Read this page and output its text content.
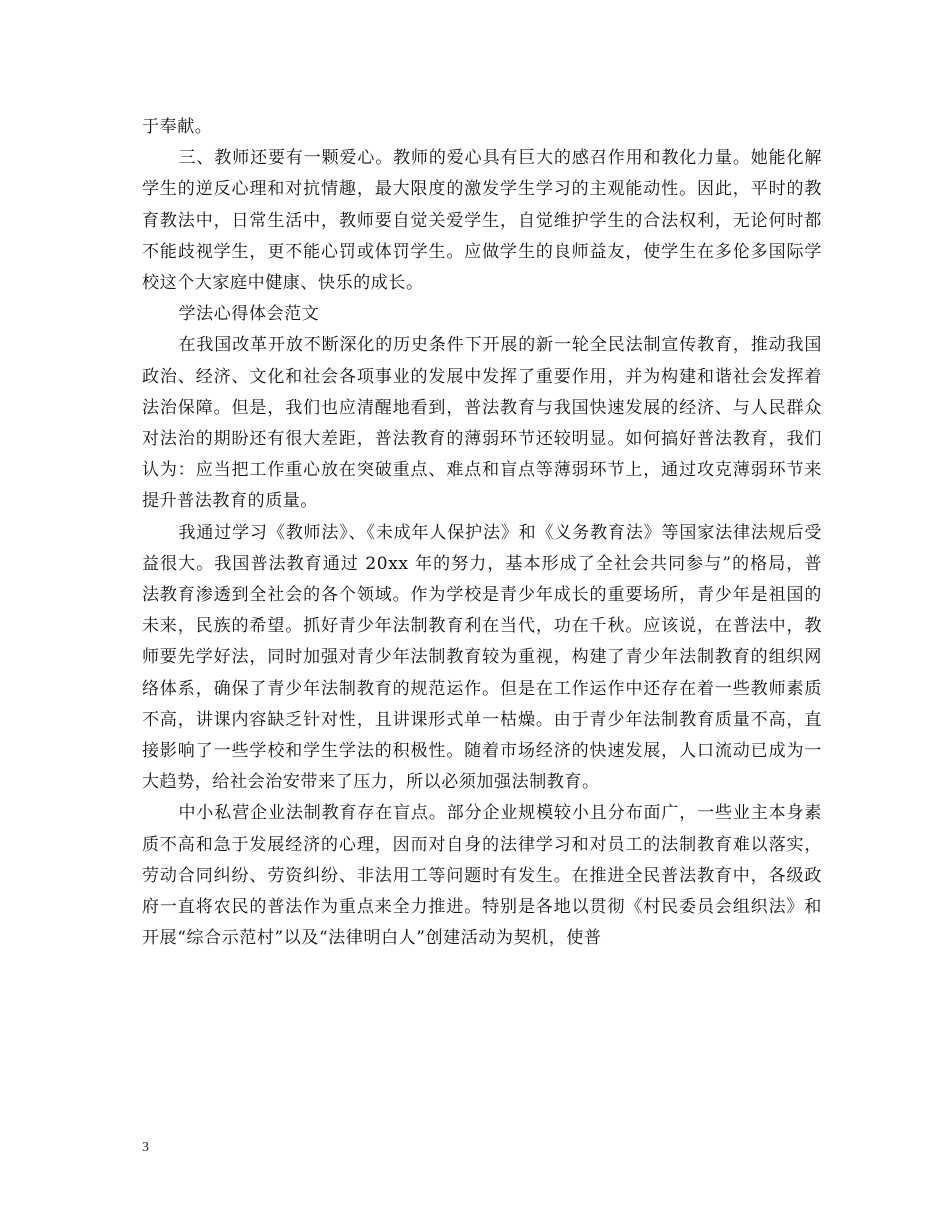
于奉献。

三、教师还要有一颗爱心。教师的爱心具有巨大的感召作用和教化力量。她能化解学生的逆反心理和对抗情趣，最大限度的激发学生学习的主观能动性。因此，平时的教育教法中，日常生活中，教师要自觉关爱学生，自觉维护学生的合法权利，无论何时都不能歧视学生，更不能心罚或体罚学生。应做学生的良师益友，使学生在多伦多国际学校这个大家庭中健康、快乐的成长。

学法心得体会范文

在我国改革开放不断深化的历史条件下开展的新一轮全民法制宣传教育，推动我国政治、经济、文化和社会各项事业的发展中发挥了重要作用，并为构建和谐社会发挥着法治保障。但是，我们也应清醒地看到，普法教育与我国快速发展的经济、与人民群众对法治的期盼还有很大差距，普法教育的薄弱环节还较明显。如何搞好普法教育，我们认为：应当把工作重心放在突破重点、难点和盲点等薄弱环节上，通过攻克薄弱环节来提升普法教育的质量。

我通过学习《教师法》、《未成年人保护法》和《义务教育法》等国家法律法规后受益很大。我国普法教育通过 20xx 年的努力，基本形成了全社会共同参与”的格局，普法教育渗透到全社会的各个领域。作为学校是青少年成长的重要场所，青少年是祖国的未来，民族的希望。抓好青少年法制教育利在当代，功在千秋。应该说，在普法中，教师要先学好法，同时加强对青少年法制教育较为重视，构建了青少年法制教育的组织网络体系，确保了青少年法制教育的规范运作。但是在工作运作中还存在着一些教师素质不高，讲课内容缺乏针对性，且讲课形式单一枯燥。由于青少年法制教育质量不高，直接影响了一些学校和学生学法的积极性。随着市场经济的快速发展，人口流动已成为一大趋势，给社会治安带来了压力，所以必须加强法制教育。

中小私营企业法制教育存在盲点。部分企业规模较小且分布面广，一些业主本身素质不高和急于发展经济的心理，因而对自身的法律学习和对员工的法制教育难以落实，劳动合同纠纷、劳资纠纷、非法用工等问题时有发生。在推进全民普法教育中，各级政府一直将农民的普法作为重点来全力推进。特别是各地以贯彻《村民委员会组织法》和开展“综合示范村”以及“法律明白人”创建活动为契机，使普

3
